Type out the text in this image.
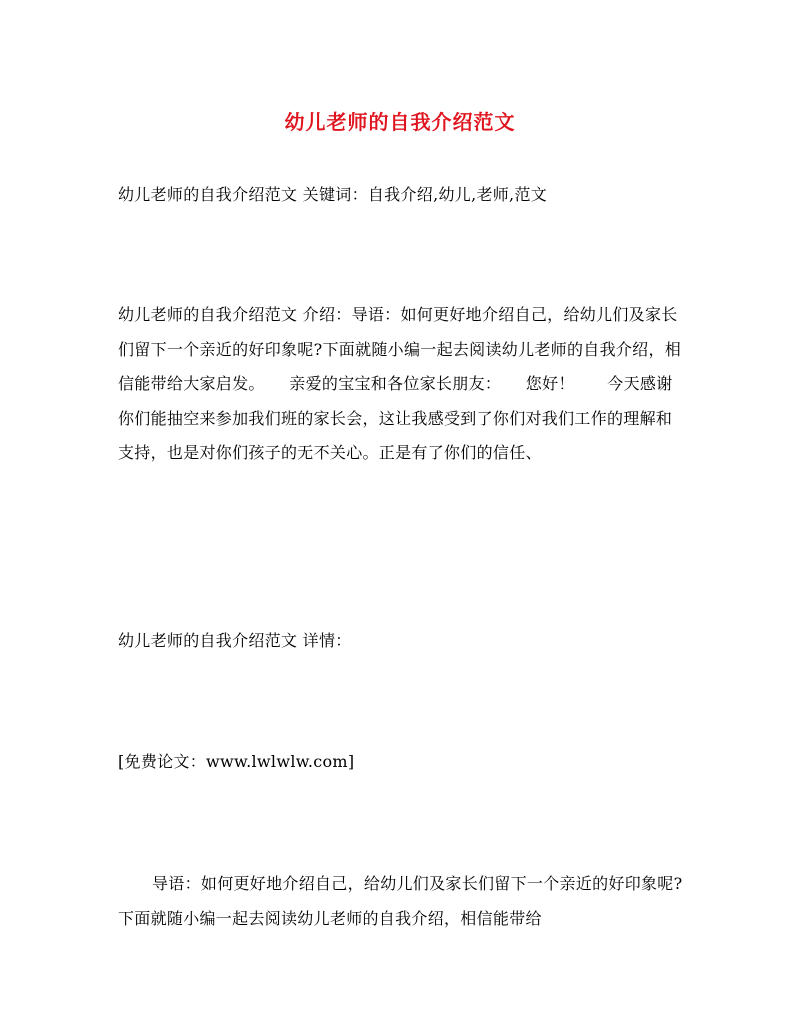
幼儿老师的自我介绍范文

幼儿老师的自我介绍范文 关键词：自我介绍,幼儿,老师,范文

幼儿老师的自我介绍范文 介绍：导语：如何更好地介绍自己，给幼儿们及家长们留下一个亲近的好印象呢?下面就随小编一起去阅读幼儿老师的自我介绍，相信能带给大家启发。　　亲爱的宝宝和各位家长朋友：　　您好！　　今天感谢你们能抽空来参加我们班的家长会，这让我感受到了你们对我们工作的理解和支持，也是对你们孩子的无不关心。正是有了你们的信任、

幼儿老师的自我介绍范文 详情：

[免费论文：www.lwlwlw.com]

导语：如何更好地介绍自己，给幼儿们及家长们留下一个亲近的好印象呢?下面就随小编一起去阅读幼儿老师的自我介绍，相信能带给
